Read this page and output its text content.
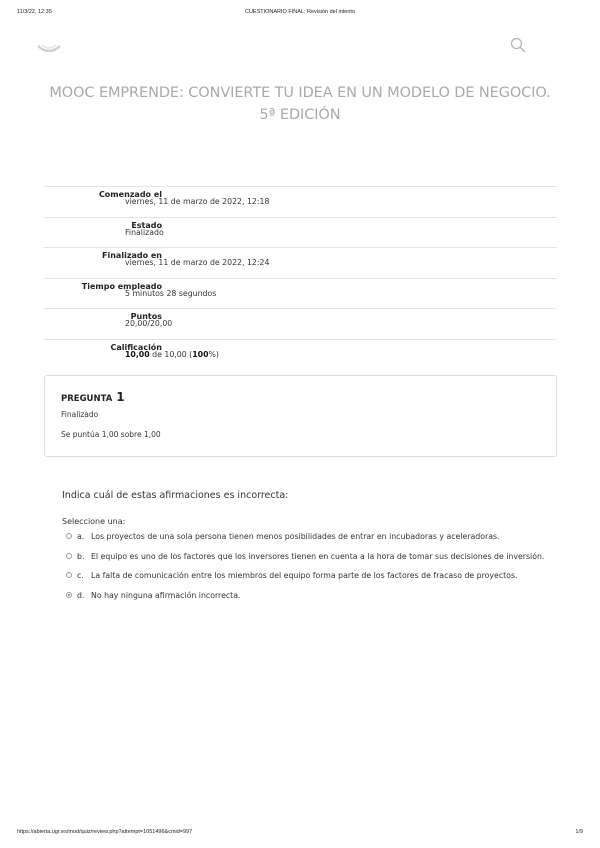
11/3/22, 12:35	CUESTIONARIO FINAL: Revisión del intento
MOOC EMPRENDE: CONVIERTE TU IDEA EN UN MODELO DE NEGOCIO. 5ª EDICIÓN
Comenzado el
viernes, 11 de marzo de 2022, 12:18
Estado
Finalizado
Finalizado en
viernes, 11 de marzo de 2022, 12:24
Tiempo empleado
5 minutos 28 segundos
Puntos
20,00/20,00
Calificación
10,00 de 10,00 (100%)
PREGUNTA 1
Finalizado
Se puntúa 1,00 sobre 1,00
Indica cuál de estas afirmaciones es incorrecta:
Seleccione una:
a. Los proyectos de una sola persona tienen menos posibilidades de entrar en incubadoras y aceleradoras.
b. El equipo es uno de los factores que los inversores tienen en cuenta a la hora de tomar sus decisiones de inversión.
c. La falta de comunicación entre los miembros del equipo forma parte de los factores de fracaso de proyectos.
d. No hay ninguna afirmación incorrecta.
https://abierta.ugr.es/mod/quiz/review.php?attempt=1051496&cmid=997	1/9
